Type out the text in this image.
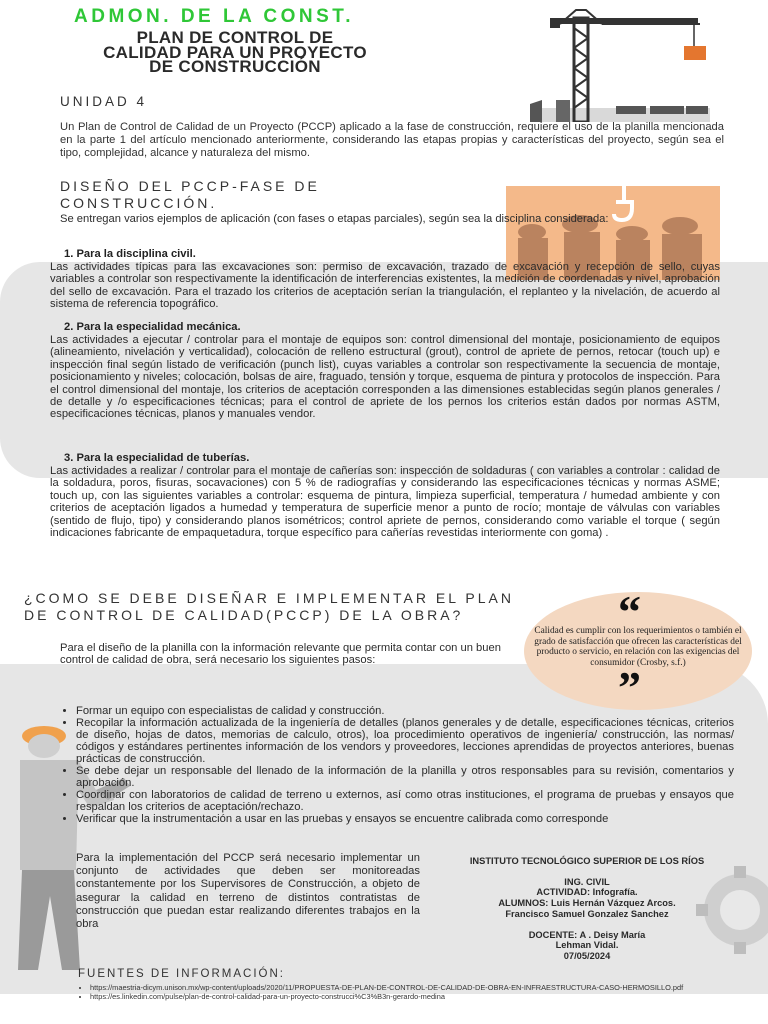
ADMON. DE LA CONST.
PLAN DE CONTROL DE CALIDAD PARA UN PROYECTO DE CONSTRUCCIÓN
UNIDAD 4
Un Plan de Control de Calidad de un Proyecto (PCCP) aplicado a la fase de construcción, requiere el uso de la planilla mencionada en la parte 1 del artículo mencionado anteriormente, considerando las etapas propias y características del proyecto, según sea el tipo, complejidad, alcance y naturaleza del mismo.
DISEÑO DEL PCCP-FASE DE CONSTRUCCIÓN.
Se entregan varios ejemplos de aplicación (con fases o etapas parciales), según sea la disciplina considerada:
1. Para la disciplina civil.
Las actividades típicas para las excavaciones son: permiso de excavación, trazado de excavación y recepción de sello, cuyas variables a controlar son respectivamente la identificación de interferencias existentes, la medición de coordenadas y nivel, aprobación del sello de excavación. Para el trazado los criterios de aceptación serían la triangulación, el replanteo y la nivelación, de acuerdo al sistema de referencia topográfico.
2. Para la especialidad mecánica.
Las actividades a ejecutar / controlar para el montaje de equipos son: control dimensional del montaje, posicionamiento de equipos (alineamiento, nivelación y verticalidad), colocación de relleno estructural (grout), control de apriete de pernos, retocar (touch up) e inspección final según listado de verificación (punch list), cuyas variables a controlar son respectivamente la secuencia de montaje, posicionamiento y niveles; colocación, bolsas de aire, fraguado, tensión y torque, esquema de pintura y protocolos de inspección. Para el control dimensional del montaje, los criterios de aceptación corresponden a las dimensiones establecidas según planos generales / de detalle y /o especificaciones técnicas; para el control de apriete de los pernos los criterios están dados por normas ASTM, especificaciones técnicas, planos y manuales vendor.
3. Para la especialidad de tuberías.
Las actividades a realizar / controlar para el montaje de cañerías son: inspección de soldaduras ( con variables a controlar : calidad de la soldadura, poros, fisuras, socavaciones) con 5 % de radiografías y considerando las especificaciones técnicas y normas ASME; touch up, con las siguientes variables a controlar: esquema de pintura, limpieza superficial, temperatura / humedad ambiente y con criterios de aceptación ligados a humedad y temperatura de superficie menor a punto de rocío; montaje de válvulas con variables (sentido de flujo, tipo) y considerando planos isométricos; control apriete de pernos, considerando como variable el torque ( según indicaciones fabricante de empaquetadura, torque específico para cañerías revestidas interiormente con goma) .
¿COMO SE DEBE DISEÑAR E IMPLEMENTAR EL PLAN DE CONTROL DE CALIDAD(PCCP) DE LA OBRA?
Para el diseño de la planilla con la información relevante que permita contar con un buen control de calidad de obra, será necesario los siguientes pasos:
“
Calidad es cumplir con los requerimientos o también el grado de satisfacción que ofrecen las características del producto o servicio, en relación con las exigencias del consumidor (Crosby, s.f.)
”
• Formar un equipo con especialistas de calidad y construcción.
• Recopilar la información actualizada de la ingeniería de detalles (planos generales y de detalle, especificaciones técnicas, criterios de diseño, hojas de datos, memorias de calculo, otros), loa procedimiento operativos de ingeniería/ construcción, las normas/ códigos y estándares pertinentes información de los vendors y proveedores, lecciones aprendidas de proyectos anteriores, buenas prácticas de construcción.
• Se debe dejar un responsable del llenado de la información de la planilla y otros responsables para su revisión, comentarios y aprobación.
• Coordinar con laboratorios de calidad de terreno u externos, así como otras instituciones, el programa de pruebas y ensayos que respaldan los criterios de aceptación/rechazo.
• Verificar que la instrumentación a usar en las pruebas y ensayos se encuentre calibrada como corresponde
Para la implementación del PCCP será necesario implementar un conjunto de actividades que deben ser monitoreadas constantemente por los Supervisores de Construcción, a objeto de asegurar la calidad en terreno de distintos contratistas de construcción que puedan estar realizando diferentes trabajos en la obra
INSTITUTO TECNOLÓGICO SUPERIOR DE LOS RÍOS
ING. CIVIL
ACTIVIDAD: Infografía.
ALUMNOS: Luis Hernán Vázquez Arcos.
Francisco Samuel Gonzalez Sanchez
DOCENTE: A . Deisy María
Lehman Vidal.
07/05/2024
FUENTES DE INFORMACIÓN:
• https://maestria-dicym.unison.mx/wp-content/uploads/2020/11/PROPUESTA-DE-PLAN-DE-CONTROL-DE-CALIDAD-DE-OBRA-EN-INFRAESTRUCTURA-CASO-HERMOSILLO.pdf
• https://es.linkedin.com/pulse/plan-de-control-calidad-para-un-proyecto-construcci%C3%B3n-gerardo-medina
